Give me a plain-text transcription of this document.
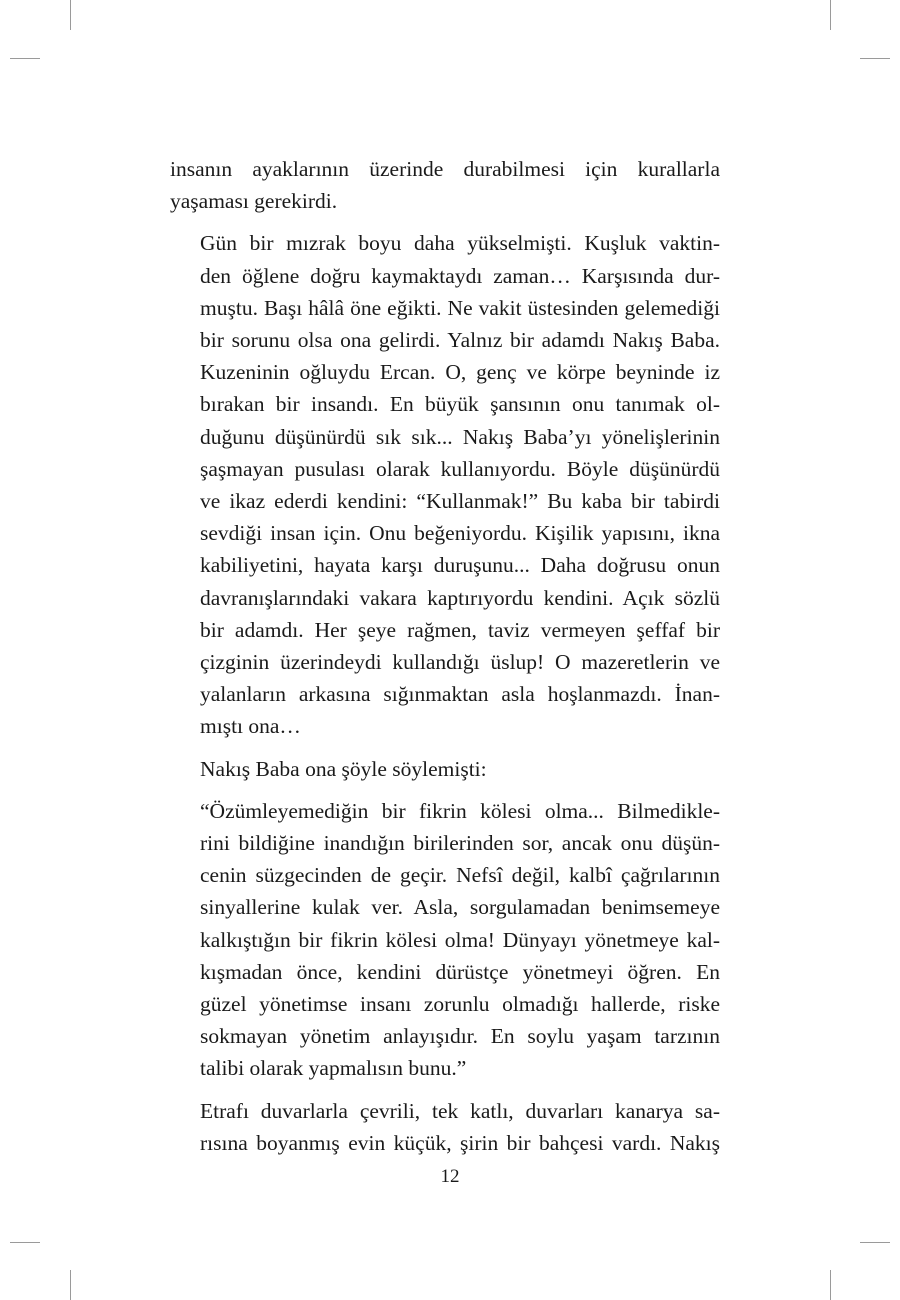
insanın ayaklarının üzerinde durabilmesi için kurallarla
yaşaması gerekirdi.

Gün bir mızrak boyu daha yükselmişti. Kuşluk vaktin-
den öğlene doğru kaymaktaydı zaman… Karşısında dur-
muştu. Başı hâlâ öne eğikti. Ne vakit üstesinden gelemediği
bir sorunu olsa ona gelirdi. Yalnız bir adamdı Nakış Baba.
Kuzeninin oğluydu Ercan. O, genç ve körpe beyninde iz
bırakan bir insandı. En büyük şansının onu tanımak ol-
duğunu düşünürdü sık sık... Nakış Baba’yı yönelişlerinin
şaşmayan pusulası olarak kullanıyordu. Böyle düşünürdü
ve ikaz ederdi kendini: “Kullanmak!” Bu kaba bir tabirdi
sevdiği insan için. Onu beğeniyordu. Kişilik yapısını, ikna
kabiliyetini, hayata karşı duruşunu... Daha doğrusu onun
davranışlarındaki vakara kaptırıyordu kendini. Açık sözlü
bir adamdı. Her şeye rağmen, taviz vermeyen şeffaf bir
çizginin üzerindeydi kullandığı üslup! O mazeretlerin ve
yalanların arkasına sığınmaktan asla hoşlanmazdı. İnan-
mıştı ona…

Nakış Baba ona şöyle söylemişti:

“Özümleyemediğin bir fikrin kölesi olma... Bilmedikle-
rini bildiğine inandığın birilerinden sor, ancak onu düşün-
cenin süzgecinden de geçir. Nefsî değil, kalbî çağrılarının
sinyallerine kulak ver. Asla, sorgulamadan benimsemeye
kalkıştığın bir fikrin kölesi olma! Dünyayı yönetmeye kal-
kışmadan önce, kendini dürüstçe yönetmeyi öğren. En
güzel yönetimse insanı zorunlu olmadığı hallerde, riske
sokmayan yönetim anlayışıdır. En soylu yaşam tarzının
talibi olarak yapmalısın bunu.”

Etrafı duvarlarla çevrili, tek katlı, duvarları kanarya sa-
rısına boyanmış evin küçük, şirin bir bahçesi vardı. Nakış

12
